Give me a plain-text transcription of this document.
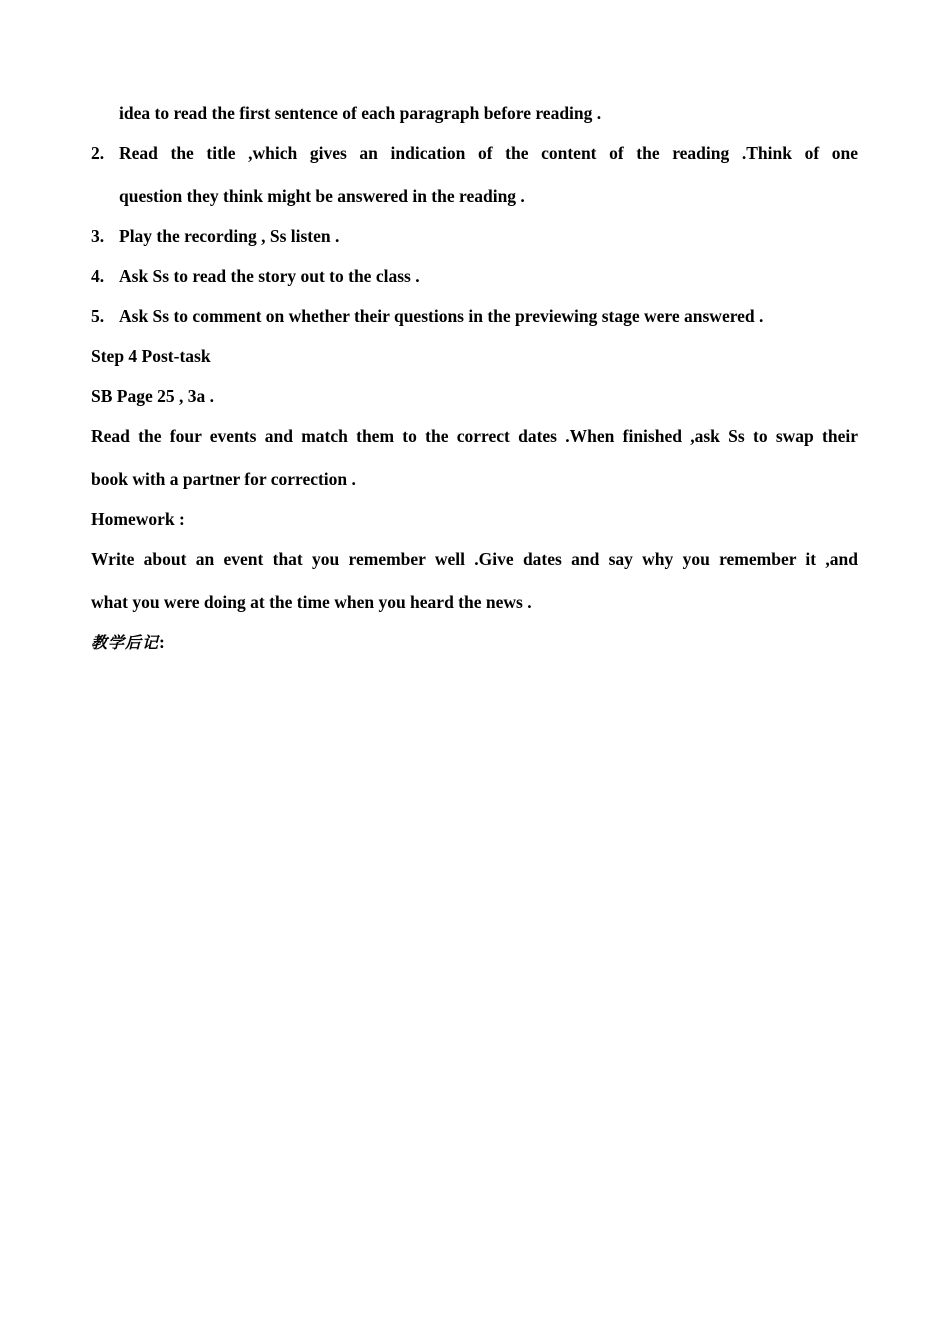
idea to read the first sentence of each paragraph before reading .
2. Read the title ,which gives an indication of the content of the reading .Think of one
question they think might be answered in the reading .
3. Play the recording , Ss listen .
4. Ask Ss to read the story out to the class .
5. Ask Ss to comment on whether their questions in the previewing stage were answered .
Step 4 Post-task
SB Page 25 , 3a .
Read the four events and match them to the correct dates .When finished ,ask Ss to swap their
book with a partner for correction .
Homework :
Write about an event that you remember well .Give dates and say why you remember it ,and
what you were doing at the time when you heard the news .
教学后记:
